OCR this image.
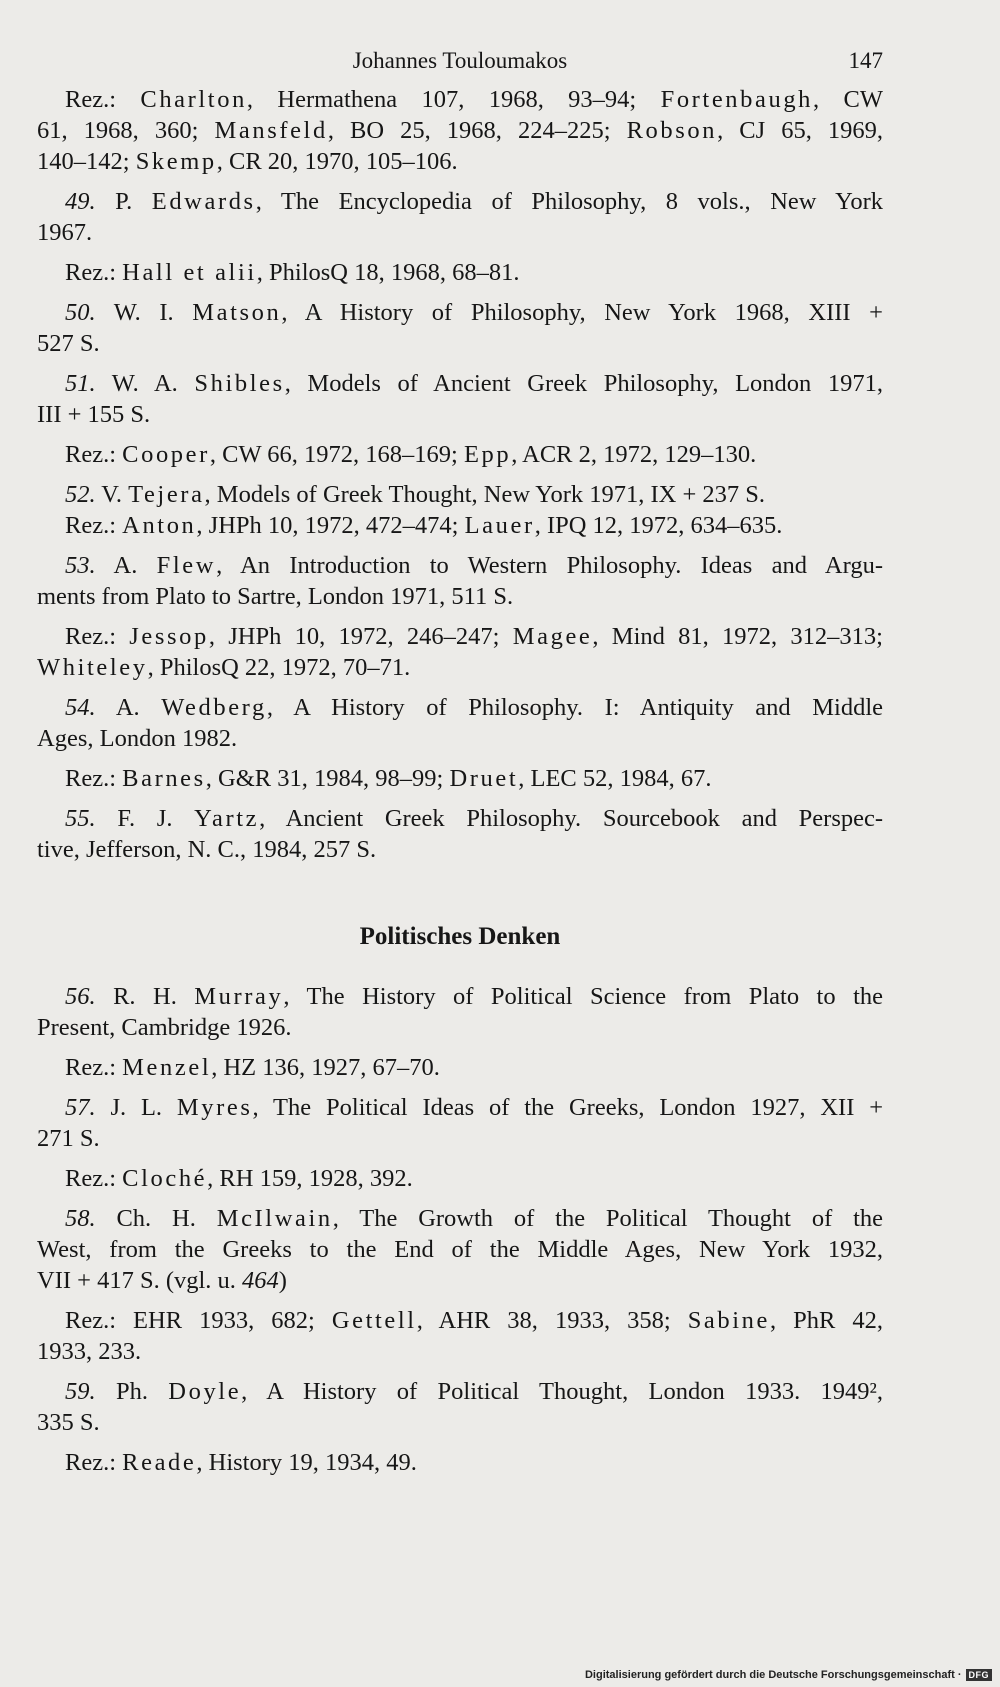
Johannes Touloumakos	147
Rez.: Charlton, Hermathena 107, 1968, 93–94; Fortenbaugh, CW
61, 1968, 360; Mansfeld, BO 25, 1968, 224–225; Robson, CJ 65, 1969,
140–142; Skemp, CR 20, 1970, 105–106.
49. P. Edwards, The Encyclopedia of Philosophy, 8 vols., New York
1967.
Rez.: Hall et alii, PhilosQ 18, 1968, 68–81.
50. W. I. Matson, A History of Philosophy, New York 1968, XIII +
527 S.
51. W. A. Shibles, Models of Ancient Greek Philosophy, London 1971,
III + 155 S.
Rez.: Cooper, CW 66, 1972, 168–169; Epp, ACR 2, 1972, 129–130.
52. V. Tejera, Models of Greek Thought, New York 1971, IX + 237 S.
Rez.: Anton, JHPh 10, 1972, 472–474; Lauer, IPQ 12, 1972, 634–635.
53. A. Flew, An Introduction to Western Philosophy. Ideas and Argu-
ments from Plato to Sartre, London 1971, 511 S.
Rez.: Jessop, JHPh 10, 1972, 246–247; Magee, Mind 81, 1972, 312–313;
Whiteley, PhilosQ 22, 1972, 70–71.
54. A. Wedberg, A History of Philosophy. I: Antiquity and Middle
Ages, London 1982.
Rez.: Barnes, G&R 31, 1984, 98–99; Druet, LEC 52, 1984, 67.
55. F. J. Yartz, Ancient Greek Philosophy. Sourcebook and Perspec-
tive, Jefferson, N. C., 1984, 257 S.
Politisches Denken
56. R. H. Murray, The History of Political Science from Plato to the
Present, Cambridge 1926.
Rez.: Menzel, HZ 136, 1927, 67–70.
57. J. L. Myres, The Political Ideas of the Greeks, London 1927, XII +
271 S.
Rez.: Cloché, RH 159, 1928, 392.
58. Ch. H. McIlwain, The Growth of the Political Thought of the
West, from the Greeks to the End of the Middle Ages, New York 1932,
VII + 417 S. (vgl. u. 464)
Rez.: EHR 1933, 682; Gettell, AHR 38, 1933, 358; Sabine, PhR 42,
1933, 233.
59. Ph. Doyle, A History of Political Thought, London 1933. 1949²,
335 S.
Rez.: Reade, History 19, 1934, 49.
Digitalisierung gefördert durch die Deutsche Forschungsgemeinschaft · DFG
